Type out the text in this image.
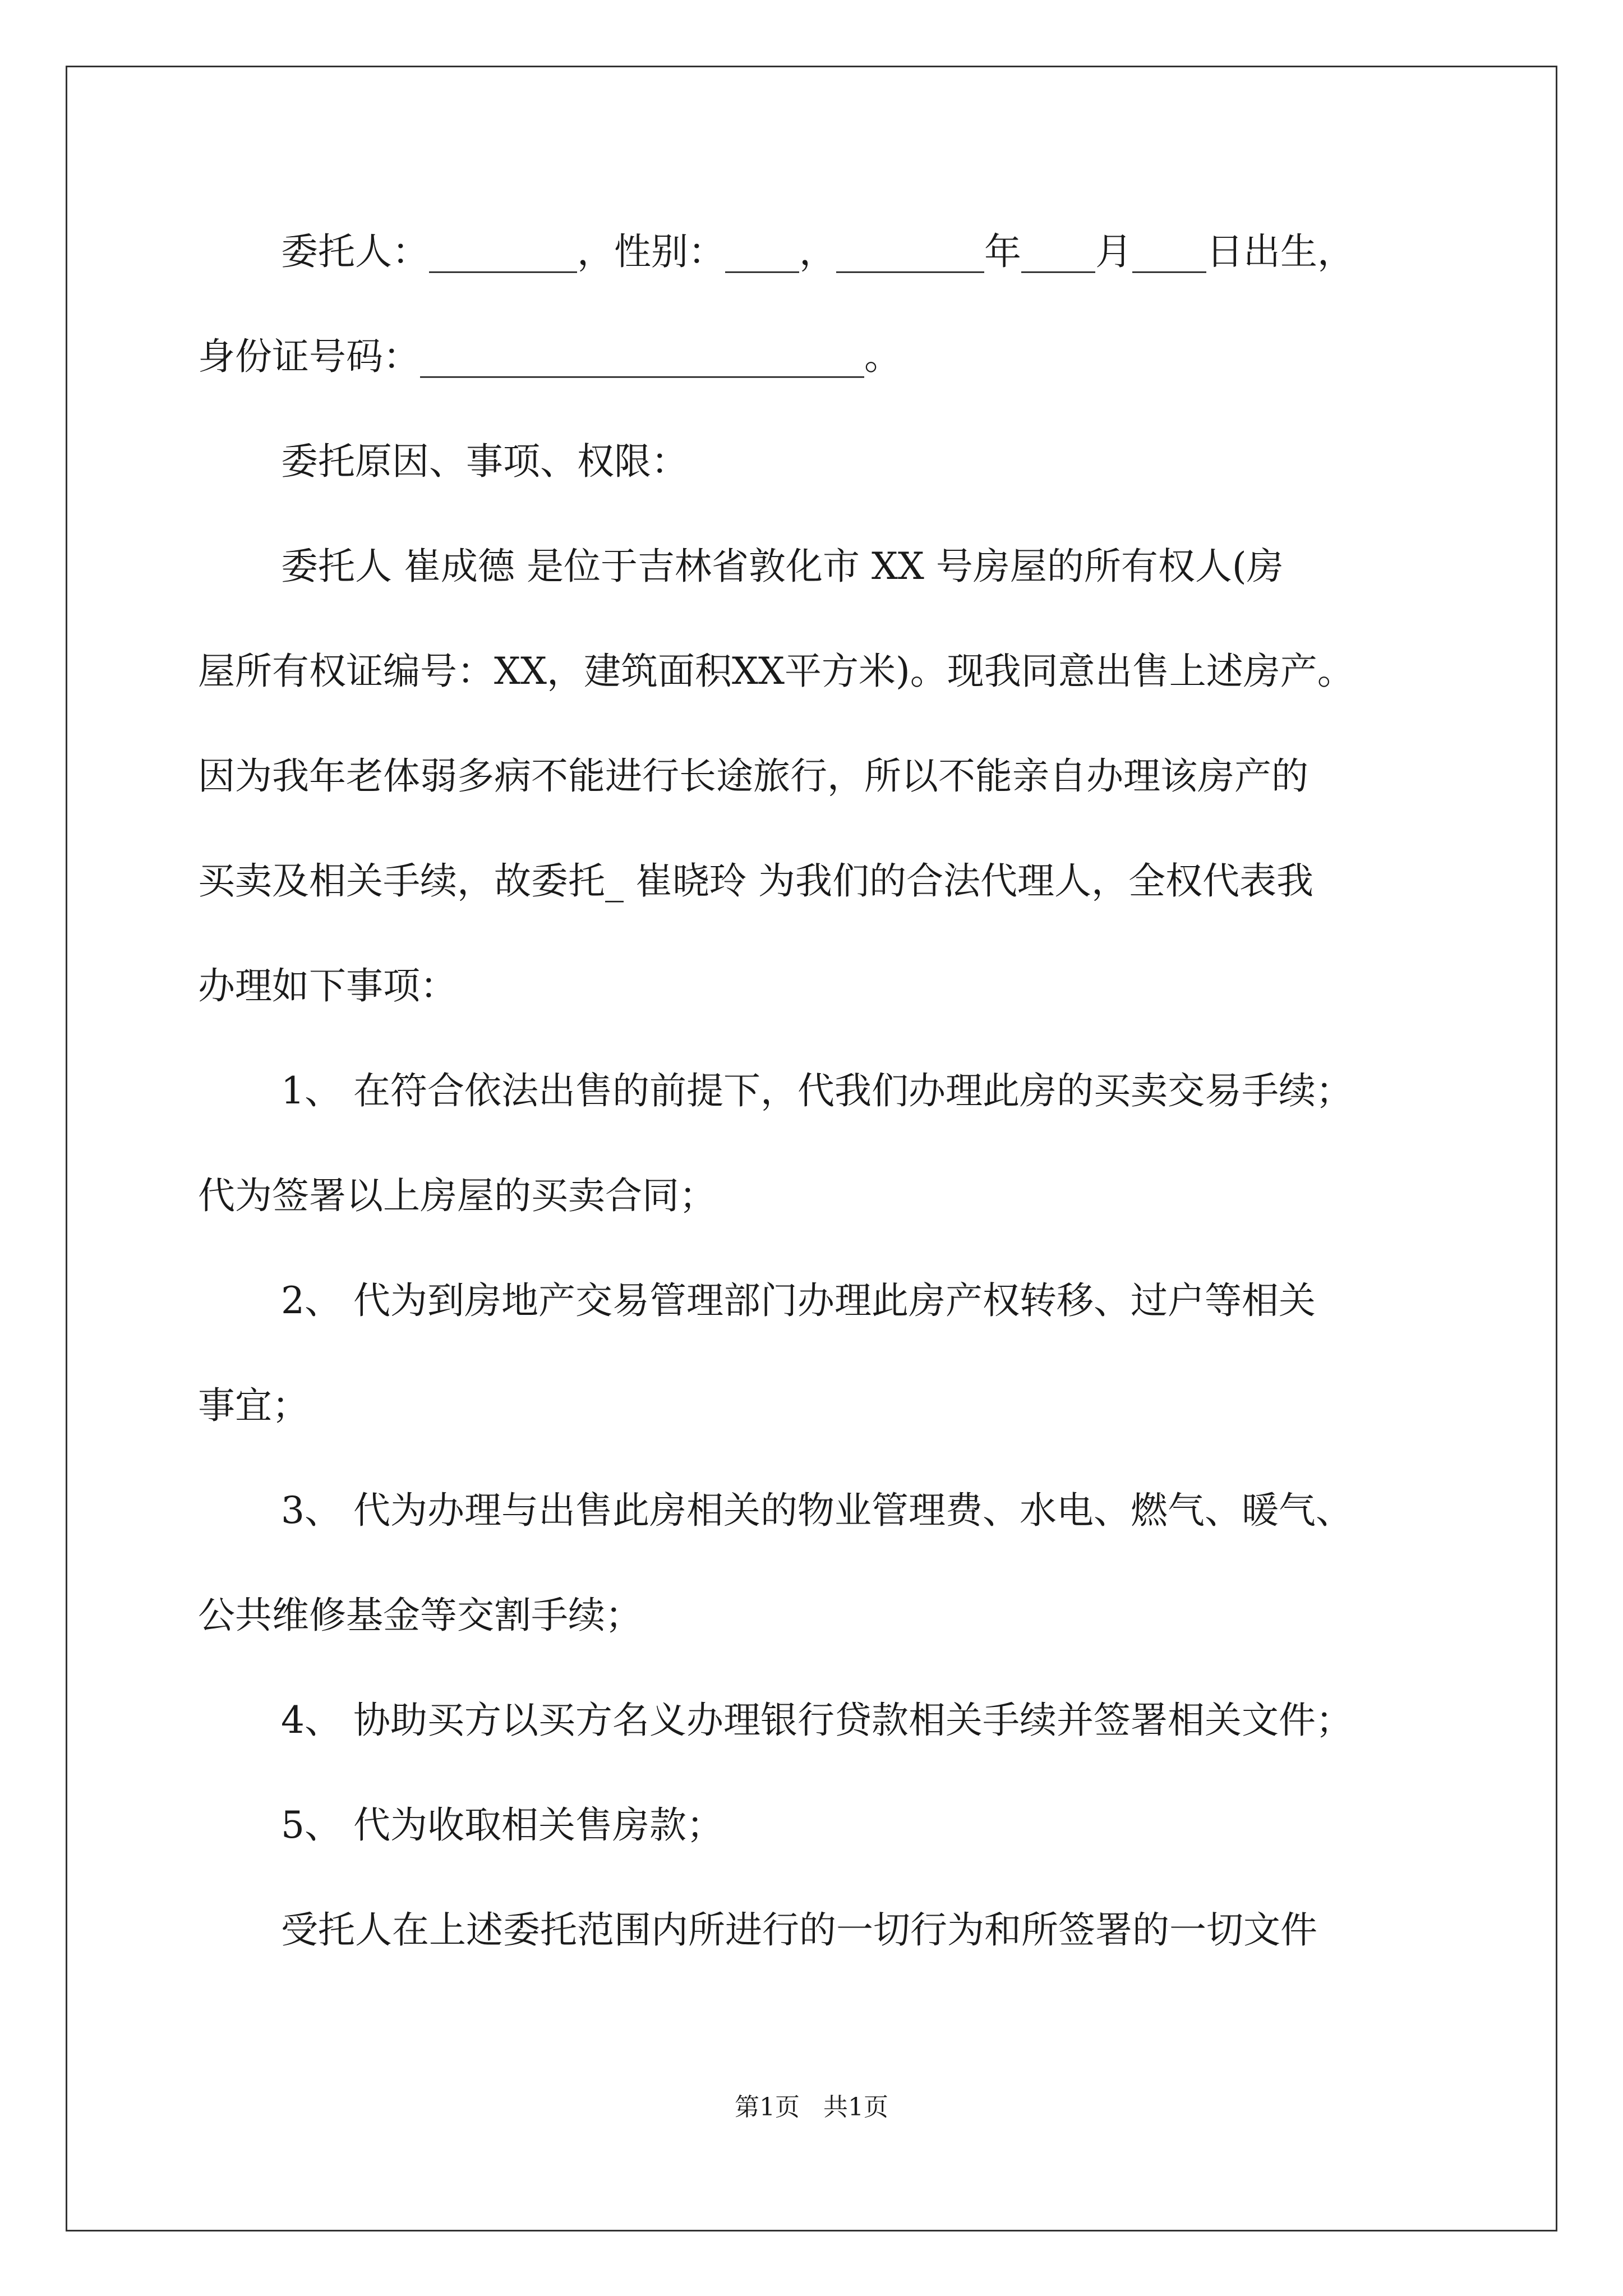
委托人：________，性别：____，________年____月____日出生，
身份证号码：________________________。
委托原因、事项、权限：
委托人 崔成德 是位于吉林省敦化市 XX 号房屋的所有权人(房
屋所有权证编号：XX，建筑面积XX平方米)。现我同意出售上述房产。
因为我年老体弱多病不能进行长途旅行，所以不能亲自办理该房产的
买卖及相关手续，故委托_ 崔晓玲 为我们的合法代理人，全权代表我
办理如下事项：
1、 在符合依法出售的前提下，代我们办理此房的买卖交易手续；
代为签署以上房屋的买卖合同；
2、 代为到房地产交易管理部门办理此房产权转移、过户等相关
事宜；
3、 代为办理与出售此房相关的物业管理费、水电、燃气、暖气、
公共维修基金等交割手续；
4、 协助买方以买方名义办理银行贷款相关手续并签署相关文件；
5、 代为收取相关售房款；
受托人在上述委托范围内所进行的一切行为和所签署的一切文件
第1页   共1页
